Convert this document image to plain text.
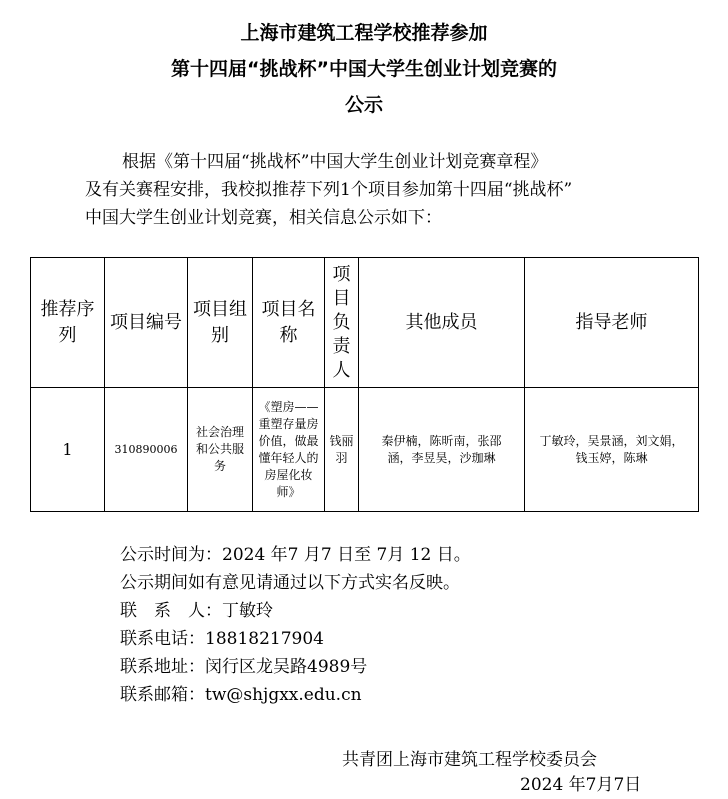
上海市建筑工程学校推荐参加
第十四届“挑战杯”中国大学生创业计划竞赛的
公示
根据《第十四届“挑战杯”中国大学生创业计划竞赛章程》
及有关赛程安排，我校拟推荐下列1个项目参加第十四届“挑战杯”
中国大学生创业计划竞赛，相关信息公示如下：
推荐序列	项目编号	项目组别	项目名称	项目负责人	其他成员	指导老师

1	310890006	社会治理和公共服务	《塑房——重塑存量房价值，做最懂年轻人的房屋化妆师》	钱丽羽	秦伊楠，陈昕南，张邵涵，李昱昊，沙珈琳	丁敏玲，吴景涵，刘文娟，钱玉婷，陈琳
公示时间为：2024 年7 月7 日至 7月 12 日。
公示期间如有意见请通过以下方式实名反映。
联　系　人：丁敏玲
联系电话：18818217904
联系地址：闵行区龙吴路4989号
联系邮箱：tw@shjgxx.edu.cn
共青团上海市建筑工程学校委员会
2024 年7月7日
